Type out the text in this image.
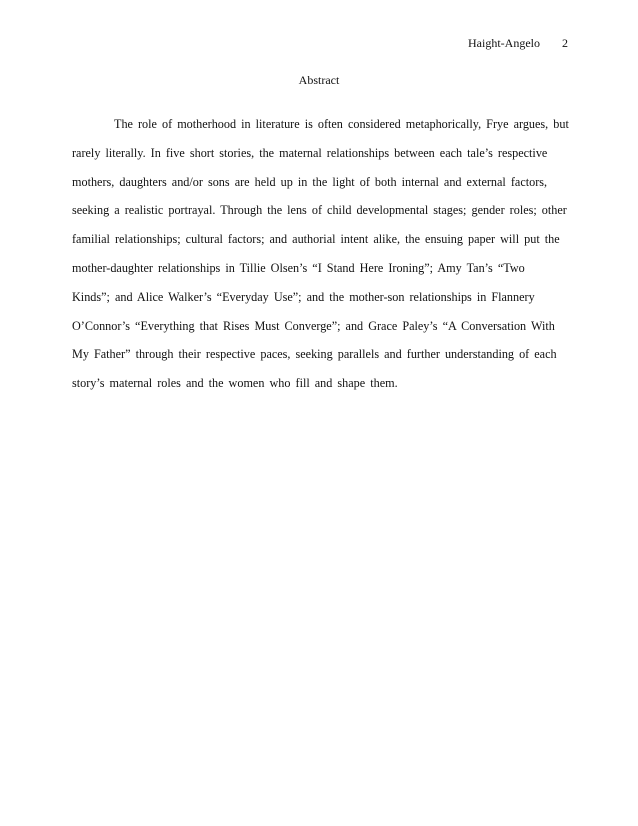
Haight-Angelo 2
Abstract
The role of motherhood in literature is often considered metaphorically, Frye argues, but
rarely literally. In five short stories, the maternal relationships between each tale’s respective
mothers, daughters and/or sons are held up in the light of both internal and external factors,
seeking a realistic portrayal. Through the lens of child developmental stages; gender roles; other
familial relationships; cultural factors; and authorial intent alike, the ensuing paper will put the
mother-daughter relationships in Tillie Olsen’s “I Stand Here Ironing”; Amy Tan’s “Two
Kinds”; and Alice Walker’s “Everyday Use”; and the mother-son relationships in Flannery
O’Connor’s “Everything that Rises Must Converge”; and Grace Paley’s “A Conversation With
My Father” through their respective paces, seeking parallels and further understanding of each
story’s maternal roles and the women who fill and shape them.
